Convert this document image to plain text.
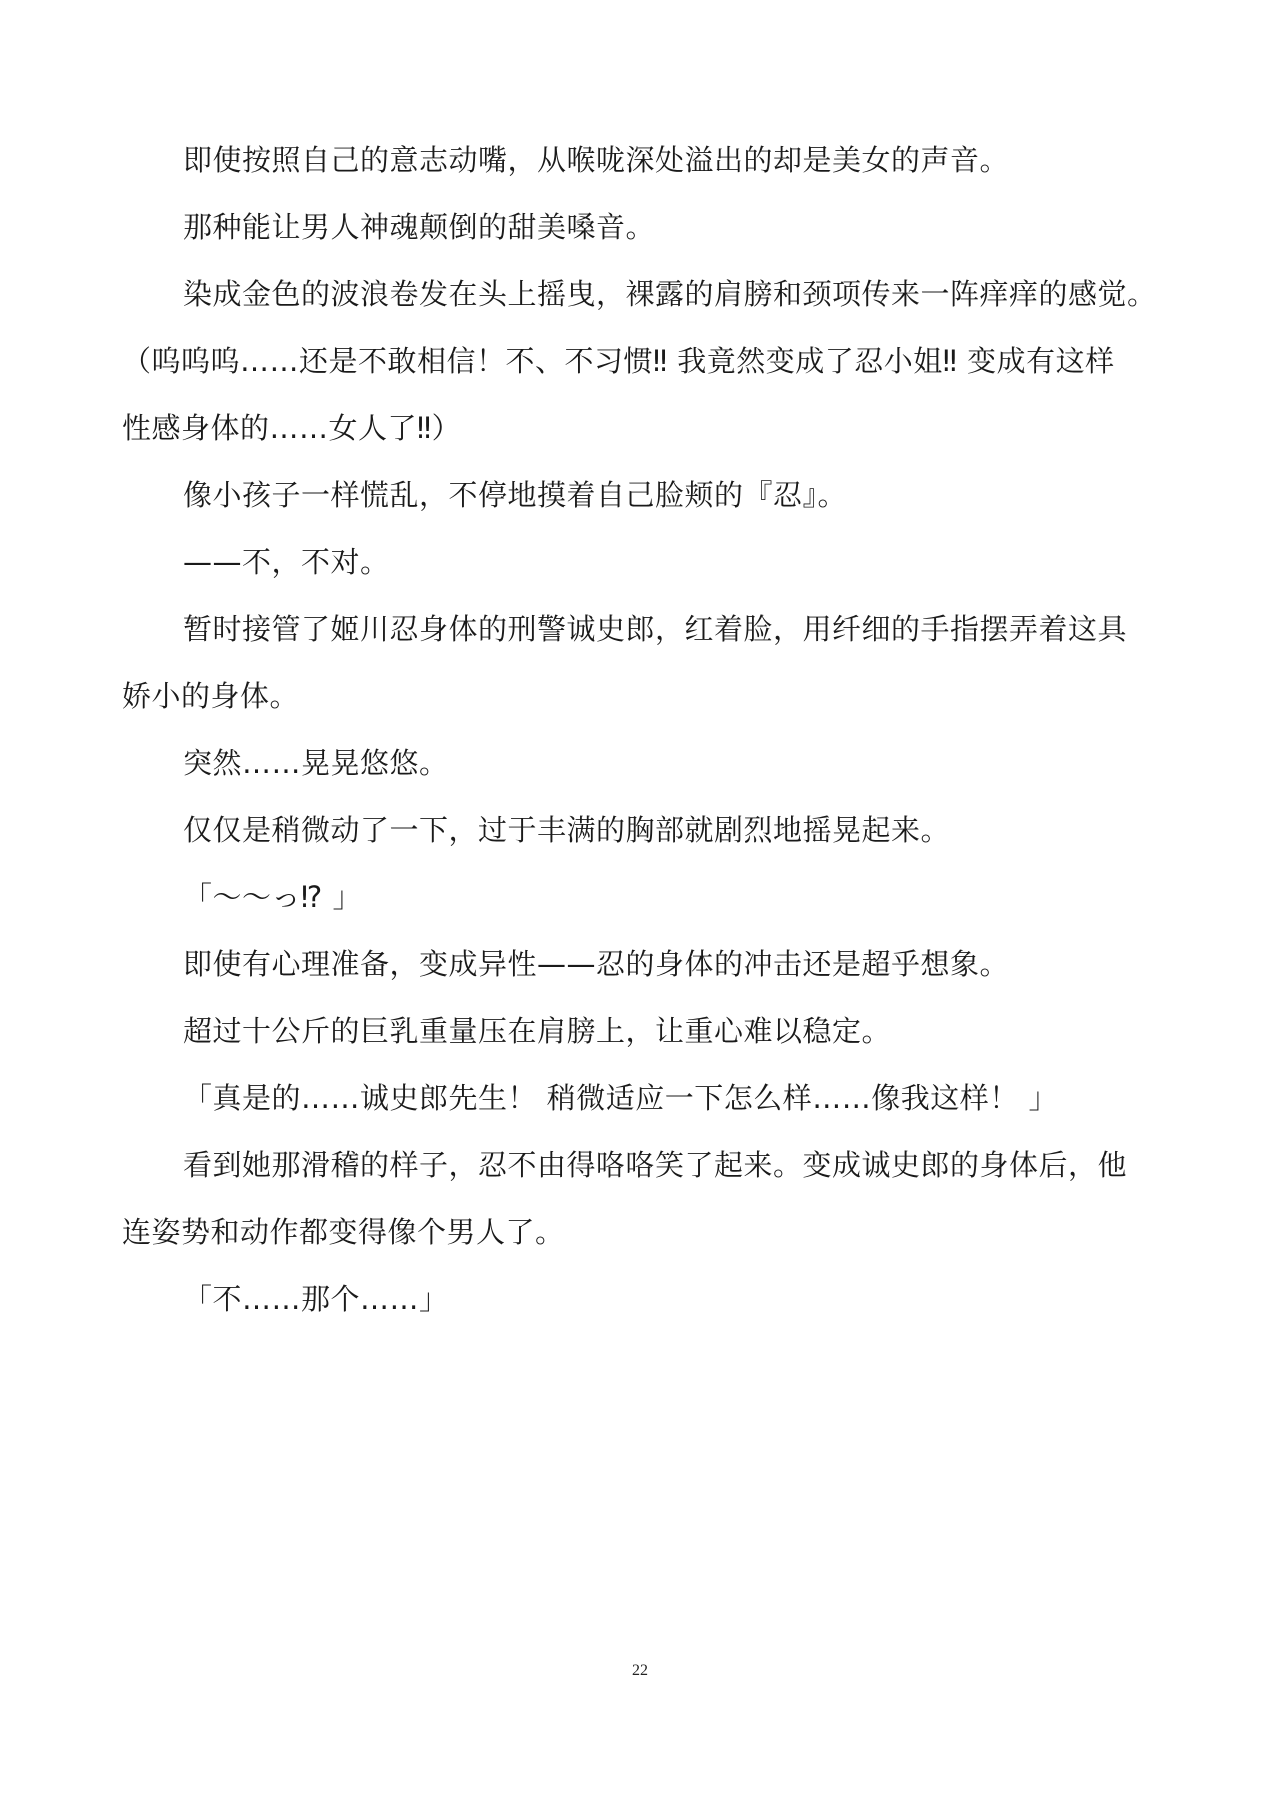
即使按照自己的意志动嘴，从喉咙深处溢出的却是美女的声音。

那种能让男人神魂颠倒的甜美嗓音。

染成金色的波浪卷发在头上摇曳，裸露的肩膀和颈项传来一阵痒痒的感觉。

（呜呜呜……还是不敢相信！不、不习惯‼ 我竟然变成了忍小姐‼ 变成有这样

性感身体的……女人了‼）

像小孩子一样慌乱，不停地摸着自己脸颊的『忍』。

——不，不对。

暂时接管了姬川忍身体的刑警诚史郎，红着脸，用纤细的手指摆弄着这具

娇小的身体。

突然……晃晃悠悠。

仅仅是稍微动了一下，过于丰满的胸部就剧烈地摇晃起来。

「～～っ⁉ 」

即使有心理准备，变成异性——忍的身体的冲击还是超乎想象。

超过十公斤的巨乳重量压在肩膀上，让重心难以稳定。

「真是的……诚史郎先生！ 稍微适应一下怎么样……像我这样！ 」

看到她那滑稽的样子，忍不由得咯咯笑了起来。变成诚史郎的身体后，他

连姿势和动作都变得像个男人了。

「不……那个……」

22
